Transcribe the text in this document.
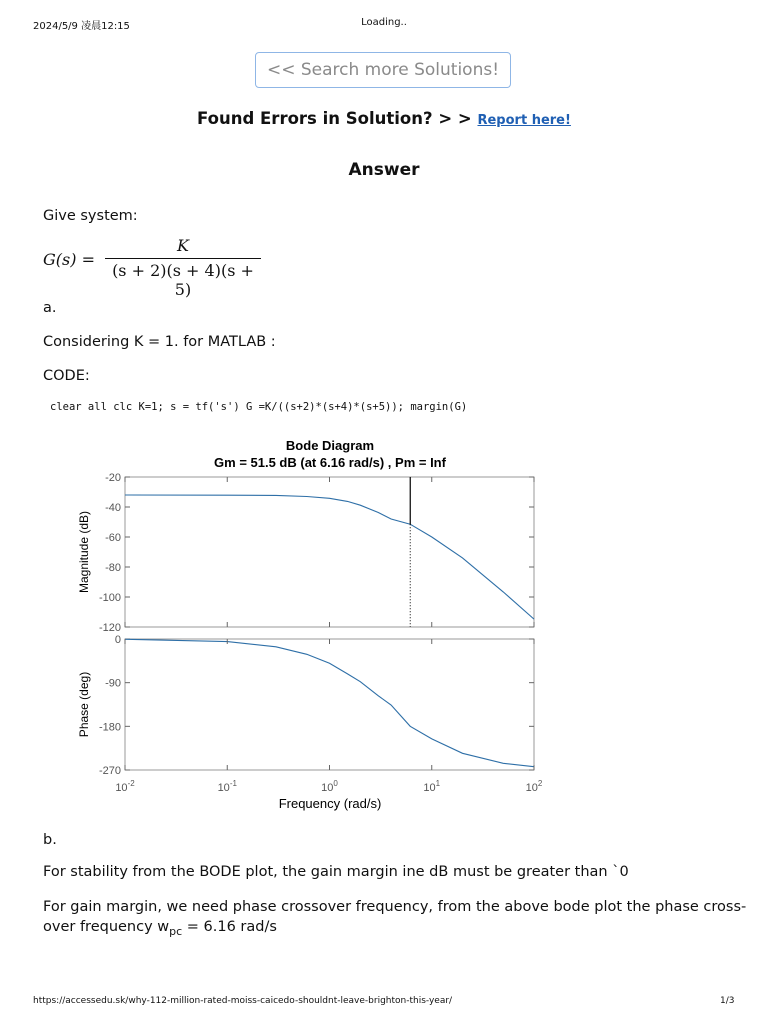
2024/5/9 凌晨12:15	Loading..
<< Search more Solutions!
Found Errors in Solution? > > Report here!
Answer
Give system:
G(s) =
K
(s + 2)(s + 4)(s + 5)
a.
Considering K = 1. for MATLAB :
CODE:
clear all clc K=1; s = tf('s') G =K/((s+2)*(s+4)*(s+5)); margin(G)
Bode Diagram
Gm = 51.5 dB (at 6.16 rad/s) , Pm = Inf
-20
-40
-60
-80
-100
-120
Magnitude (dB)
0
-90
-180
-270
Phase (deg)
$10^{-2}$	$10^{-1}$	$10^0$	$10^1$	$10^2$
Frequency (rad/s)
b.
For stability from the BODE plot, the gain margin ine dB must be greater than `0
For gain margin, we need phase crossover frequency, from the above bode plot the phase cross-
over frequency $w_{pc} = 6.16$ rad/s
https://accessedu.sk/why-112-million-rated-moiss-caicedo-shouldnt-leave-brighton-this-year/	1/3
